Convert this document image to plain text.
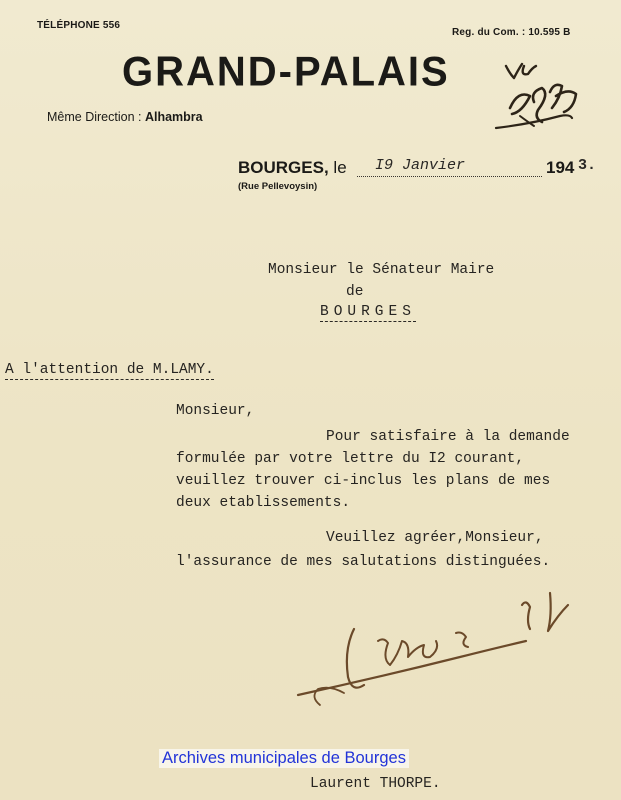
TÉLÉPHONE 556
Reg. du Com. : 10.595 B
GRAND-PALAIS
Même Direction : Alhambra
BOURGES, le I9 Janvier	194 3.
(Rue Pellevoysin)
Monsieur le Sénateur Maire
de
BOURGES
A l'attention de M.LAMY.
Monsieur,
Pour satisfaire à la demande
formulée par votre lettre du I2 courant,
veuillez trouver ci-inclus les plans de mes
deux etablissements.
Veuillez agréer,Monsieur,
l'assurance de mes salutations distinguées.
Archives municipales de Bourges
Laurent THORPE.
